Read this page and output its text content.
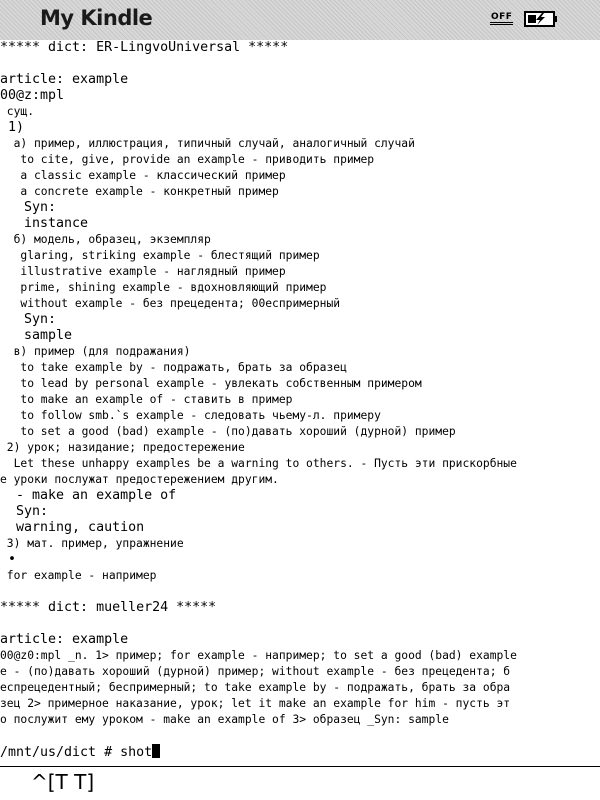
My Kindle	OFF
***** dict: ER-LingvoUniversal *****
article: example
00@z:mpl
сущ.
1)
а) пример, иллюстрация, типичный случай, аналогичный случай
to cite, give, provide an example - приводить пример
a classic example - классический пример
a concrete example - конкретный пример
Syn:
instance
б) модель, образец, экземпляр
glaring, striking example - блестящий пример
illustrative example - наглядный пример
prime, shining example - вдохновляющий пример
without example - без прецедента; 00еспримерный
Syn:
sample
в) пример (для подражания)
to take example by - подражать, брать за образец
to lead by personal example - увлекать собственным примером
to make an example of - ставить в пример
to follow smb.`s example - следовать чьему-л. примеру
to set a good (bad) example - (по)давать хороший (дурной) пример
2) урок; назидание; предостережение
Let these unhappy examples be a warning to others. - Пусть эти прискорбные
е уроки послужат предостережением другим.
- make an example of
Syn:
warning, caution
3) мат. пример, упражнение
•
for example - например
***** dict: mueller24 *****
article: example
00@z0:mpl _n. 1> пример; for example - например; to set a good (bad) example
e - (по)давать хороший (дурной) пример; without example - без прецедента; б
еспрецедентный; беспримерный; to take example by - подражать, брать за обра
зец 2> примерное наказание, урок; let it make an example for him - пусть эт
о послужит ему уроком - make an example of 3> образец _Syn: sample
/mnt/us/dict # shot
^[T T]
